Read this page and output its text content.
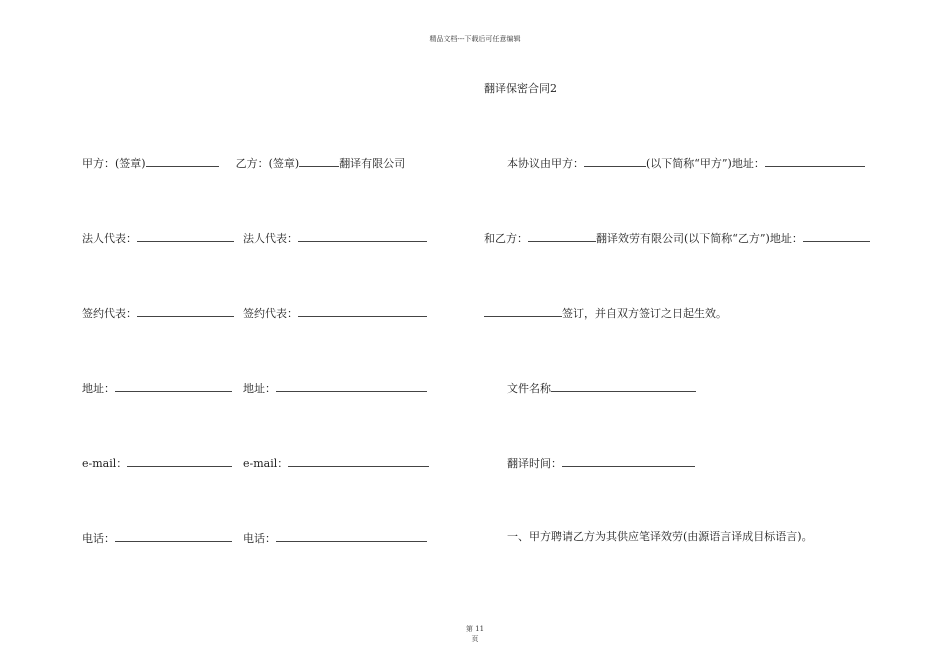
精品文档---下载后可任意编辑
翻译保密合同2
甲方：(签章)	乙方：(签章)	翻译有限公司
法人代表：	法人代表：
签约代表：	签约代表：
地址：	地址：
e-mail：	e-mail：
电话：	电话：
本协议由甲方：	(以下简称“甲方”)地址：
和乙方：	翻译效劳有限公司(以下简称“乙方”)地址：
签订，并自双方签订之日起生效。
文件名称
翻译时间：
一、甲方聘请乙方为其供应笔译效劳(由源语言译成目标语言)。
第 11
页
